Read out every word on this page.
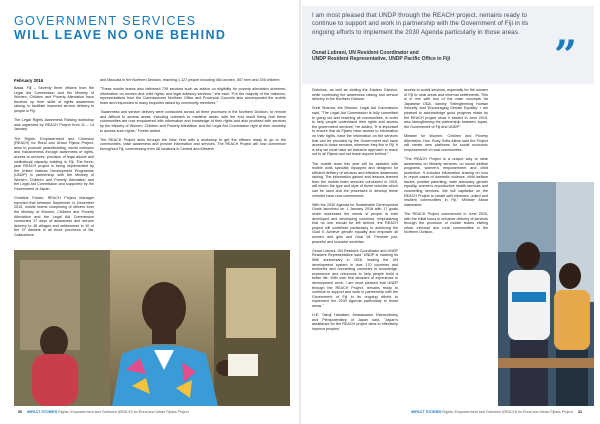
GOVERNMENT SERVICES
WILL LEAVE NO ONE BEHIND
I am most pleased that UNDP through the REACH project, remains ready to continue to support and work in partnership with the Government of Fiji in its ongoing efforts to implement the 2030 Agenda particularly in those areas.
Osnat Lubrani, UN Resident Coordinator and
UNDP Resident Representative, UNDP Pacific Office in Fiji	”
February 2016

Bawa, Fiji – Seventy three officers from the Legal Aid Commission and the Ministry of Women, Children and Poverty Alleviation have brushed up their skills of rights awareness raising, to facilitate improved service delivery to people in Fiji.

The Legal Rights Awareness Raising workshop was organized by REACH Project from 11 – 14 January.

The Rights, Empowerment and Cohesion (REACH) for Rural and Urban Fijians Project, aims to promote peacebuilding, social cohesion and inclusiveness through awareness of rights, access to services, provision of legal advice and institutional capacity building in Fiji. The three-year REACH project is being implemented by the United Nations Development Programme (UNDP) in partnership with the Ministry of Women, Children and Poverty Alleviation and the Legal Aid Commission and supported by the Government of Japan.

Christine Fowler, REACH Project Manager reported that between September to December 2015, mobile teams comprising of officers from the Ministry of Women, Children and Poverty Alleviation and the Legal Aid Commission conducted 17 days of awareness and service delivery to 48 villages and settlements in 10 of the 37 districts in all three provinces of Ba, Cakaudrove

and Macuata in the Northern Division, reaching 1,127 people including 464 women, 507 men and 156 children.

"These mobile teams also delivered 739 services such as advice on eligibility for poverty alleviation schemes; information on women and child rights, and legal advisory services," she said. "For the majority of the missions, representatives from the Commissioner Northern Office and Provincial Councils also accompanied the mobile team and responded to many enquiries raised by community members."

"Awareness and service delivery were conducted across all three provinces in the Northern Division, to remote and difficult to access areas, including outreach to maritime areas, with the end result being that these communities are now empowered with information and knowledge of their rights and also provided with services by the Ministry of Women, Children and Poverty Alleviation and the Legal Aid Commission right at their doorstep to access such rights," Fowler added.

The REACH Project aims through the New Year with a workshop to get the officers ready to go to the communities, raise awareness and provide information and services. The REACH Project will now commence throughout Fiji, commencing from 48 locations in Central and Western

Divisions, as well as visiting the Eastern Division, while continuing the awareness raising and service delivery in the Northern Division.

Sunil Sharma, the Director, Legal Aid Commission said, "The Legal Aid Commission is fully committed to going out and reaching all communities, in order to help people understand their rights and access the government services" He added, "It is important to ensure that all Fijians have access to information on their rights, have the information on the services that can be provided by the Government and have access to those services, wherever they live in Fiji. It is why we must have an inclusive approach to reach out to all Fijians and not leave anyone behind."

The mobile team this year will be assisted with mobile units specially equipped and designed for efficient delivery of services and effective awareness raising. The information gained and lessons learned from the mobile team services conducted in 2015, will inform the type and style of these vehicles which can be used and the processes to develop these vehicles have now commenced.

With the 2030 Agenda for Sustainable Development Goals launched on 1 January 2016 with 17 goals which addresses the needs of people in both developed and developing countries, emphasizing that no one should be left behind, the REACH project will contribute particularly to achieving the Goal 5: Achieve gender equality and empower all women and girls and Goal 16: Promote just, peaceful and inclusive societies.

Osnat Lubrani, UN Resident Coordinator and UNDP Resident Representative said "UNDP is marking its 50th anniversary in 2016, leading the UN development system in over 170 countries and territories and connecting countries to knowledge, experience and resources to help people build a better life. With over five decades of experience in development work, I am most pleased that UNDP through the REACH Project, remains ready to continue to support and work in partnership with the Government of Fiji in its ongoing efforts to implement the 2030 Agenda particularly in those areas."

H.E. Takuji Hanatani, Ambassador Extraordinary and Plenipotentiary of Japan said, "Japan's assistance for the REACH project aims to effectively improve peoples'

access to social services, especially for the women of Fiji to rural areas and informal settlements. This is in line with two of the main concepts for Japanese ODA, namely 'Strengthening Human Security' and 'Encouraging Gender Equality'. I am pleased to acknowledge good progress made by the REACH project since it started in June 2015, also strengthening the partnership between Japan, the Government of Fiji and UNDP."

Minister for Women, Children and Poverty Alleviation, Hon. Rosy Sofia Akbar said the Project will create new platforms for social economic empowerment of rural communities.

"The REACH Project is a unique way to raise awareness on Ministry services, on social welfare programs, women's empowerment and child protection. It includes information sharing on how to report cases of domestic violence, child welfare issues, positive parenting, male advocacy, gender equality, women's reproductive health services and counselling services. We will capitalise on the REACH Project to create well-informed, united and resilient communities in Fiji," Minister Akbar elaborated

The REACH Project commenced in June 2015, with the initial focus to enhance delivery of services through the provision of mobile teams visiting urban informal and rural communities in the Northern Division.

30 IMPACT STORIES Rights, Empowerment and Cohesion (REACH) for Rural and Urban Fijians Project	IMPACT STORIES Rights, Empowerment and Cohesion (REACH) for Rural and Urban Fijians Project 31
